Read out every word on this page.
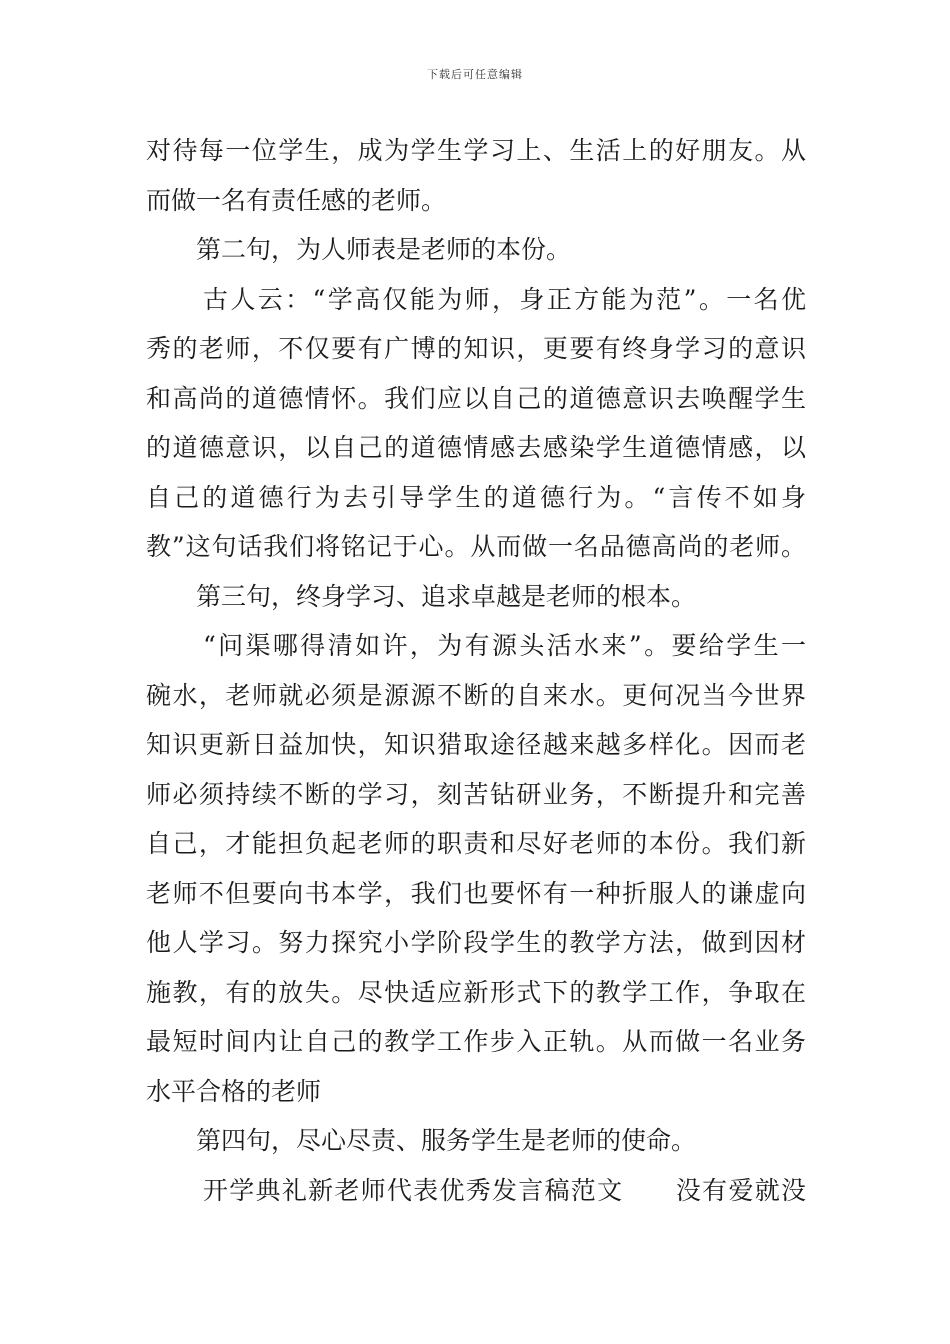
下载后可任意编辑
对待每一位学生，成为学生学习上、生活上的好朋友。从
而做一名有责任感的老师。
第二句，为人师表是老师的本份。
古人云：“学高仅能为师，身正方能为范”。一名优
秀的老师，不仅要有广博的知识，更要有终身学习的意识
和高尚的道德情怀。我们应以自己的道德意识去唤醒学生
的道德意识，以自己的道德情感去感染学生道德情感，以
自己的道德行为去引导学生的道德行为。“言传不如身
教”这句话我们将铭记于心。从而做一名品德高尚的老师。
第三句，终身学习、追求卓越是老师的根本。
“问渠哪得清如许，为有源头活水来”。要给学生一
碗水，老师就必须是源源不断的自来水。更何况当今世界
知识更新日益加快，知识猎取途径越来越多样化。因而老
师必须持续不断的学习，刻苦钻研业务，不断提升和完善
自己，才能担负起老师的职责和尽好老师的本份。我们新
老师不但要向书本学，我们也要怀有一种折服人的谦虚向
他人学习。努力探究小学阶段学生的教学方法，做到因材
施教，有的放失。尽快适应新形式下的教学工作，争取在
最短时间内让自己的教学工作步入正轨。从而做一名业务
水平合格的老师
第四句，尽心尽责、服务学生是老师的使命。
开学典礼新老师代表优秀发言稿范文　　没有爱就没
